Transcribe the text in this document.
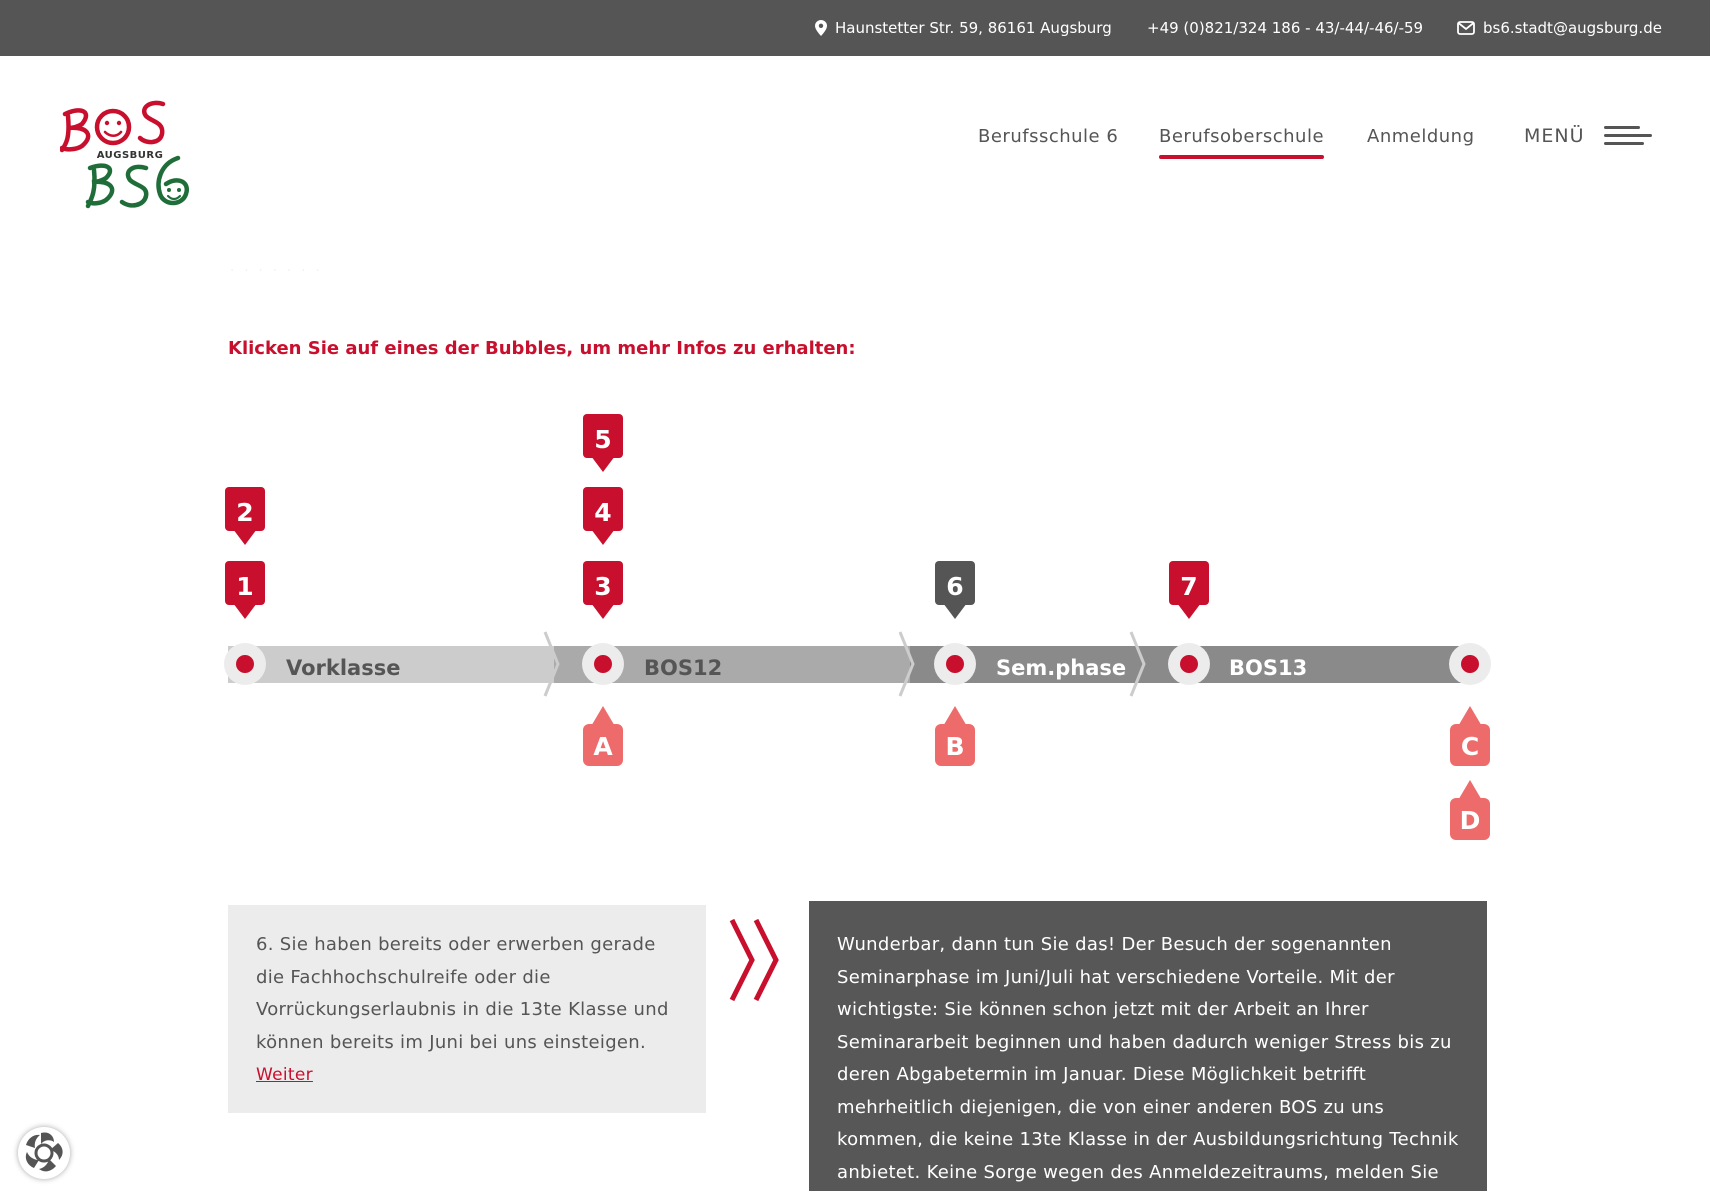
Haunstetter Str. 59, 86161 Augsburg +49 (0)821/324 186 - 43/-44/-46/-59	bs6.stadt@augsburg.de
AUGSBURG
Berufsschule 6 Berufsoberschule Anmeldung	MENÜ
· · · · · · ·
Klicken Sie auf eines der Bubbles, um mehr Infos zu erhalten:
Vorklasse	BOS12	Sem.phase	BOS13
1
2
3
4
5
6	7
A	B	C
D
6. Sie haben bereits oder erwerben gerade die Fachhochschulreife oder die Vorrückungserlaubnis in die 13te Klasse und können bereits im Juni bei uns einsteigen.
Weiter
Wunderbar, dann tun Sie das! Der Besuch der sogenannten Seminarphase im Juni/Juli hat verschiedene Vorteile. Mit der wichtigste: Sie können schon jetzt mit der Arbeit an Ihrer Seminararbeit beginnen und haben dadurch weniger Stress bis zu deren Abgabetermin im Januar. Diese Möglichkeit betrifft mehrheitlich diejenigen, die von einer anderen BOS zu uns kommen, die keine 13te Klasse in der Ausbildungsrichtung Technik anbietet. Keine Sorge wegen des Anmeldezeitraums, melden Sie
